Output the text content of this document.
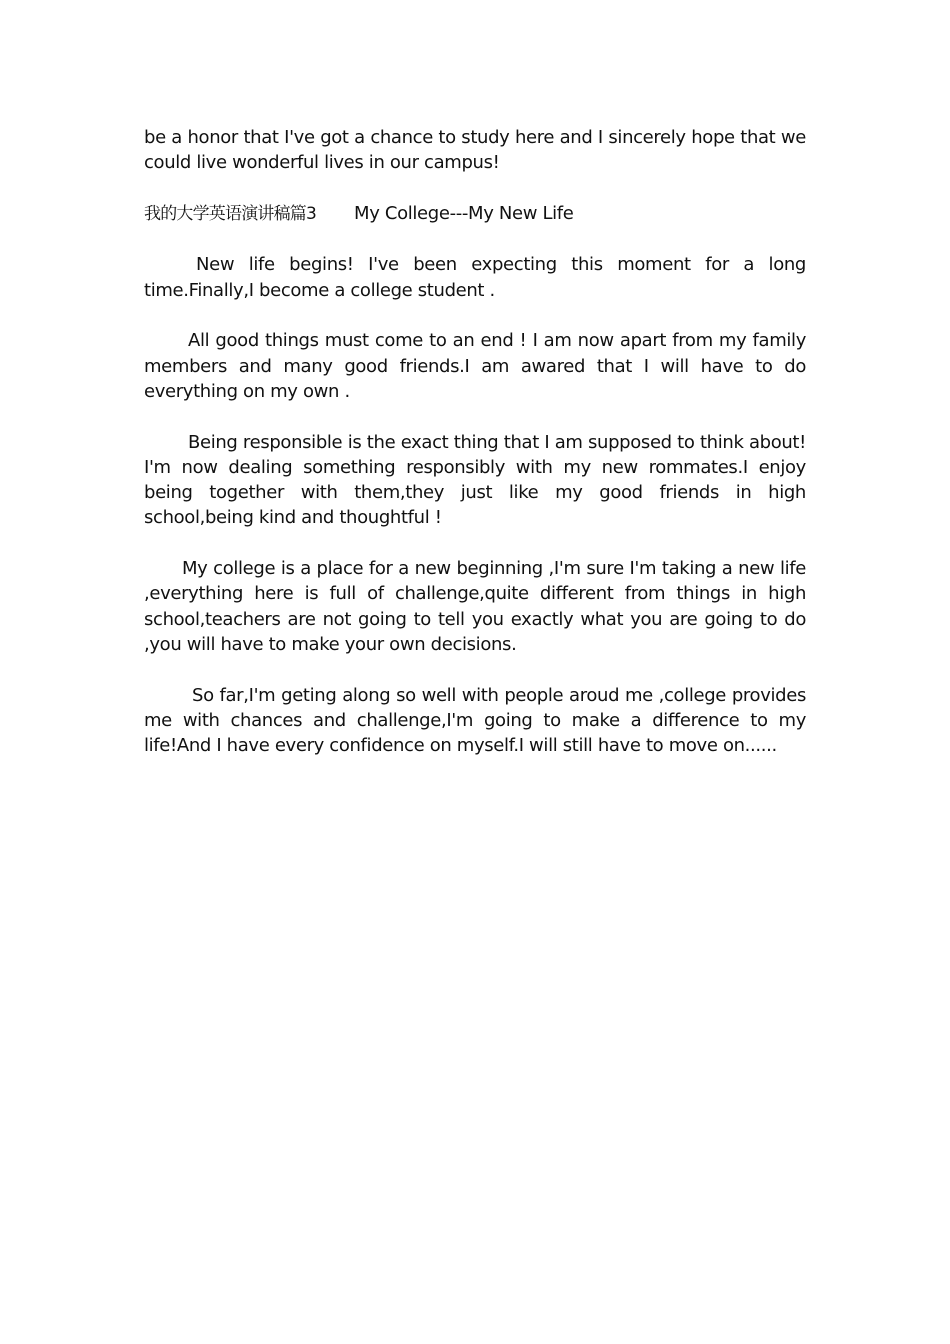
be a honor that I've got a chance to study here and I sincerely hope that we could live wonderful lives in our campus!

我的大学英语演讲稿篇3 My College---My New Life

New life begins! I've been expecting this moment for a long time.Finally,I become a college student .

All good things must come to an end ! I am now apart from my family members and many good friends.I am awared that I will have to do everything on my own .

Being responsible is the exact thing that I am supposed to think about! I'm now dealing something responsibly with my new rommates.I enjoy being together with them,they just like my good friends in high school,being kind and thoughtful !

My college is a place for a new beginning ,I'm sure I'm taking a new life ,everything here is full of challenge,quite different from things in high school,teachers are not going to tell you exactly what you are going to do ,you will have to make your own decisions.

So far,I'm geting along so well with people aroud me ,college provides me with chances and challenge,I'm going to make a difference to my life!And I have every confidence on myself.I will still have to move on......
